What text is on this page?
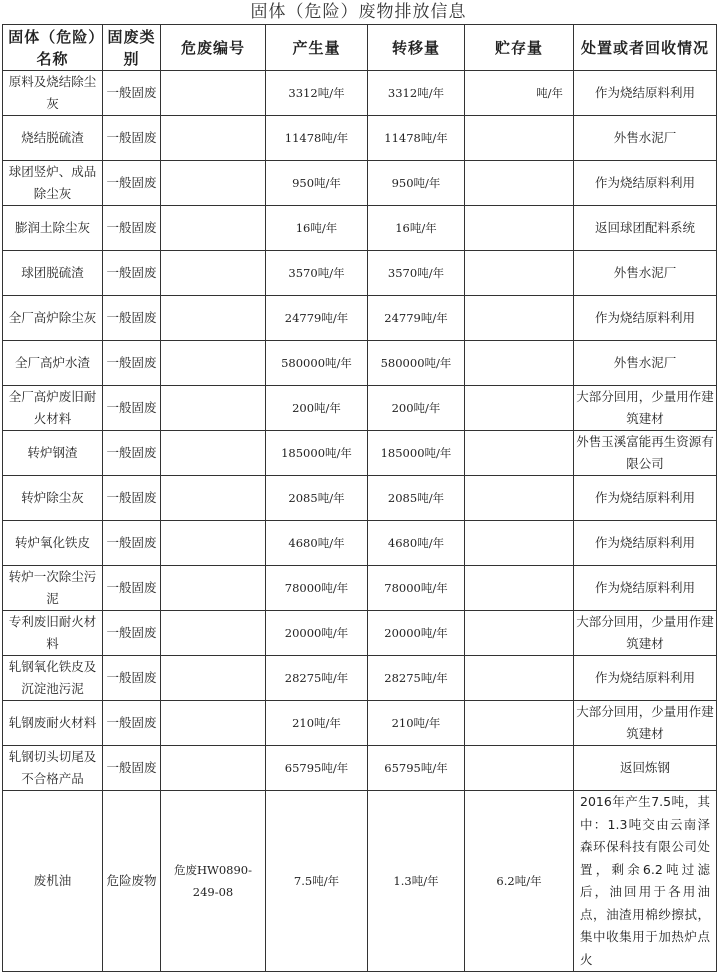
固体（危险）废物排放信息
固体（危险）名称	固废类别	危废编号	产生量	转移量	贮存量	处置或者回收情况
原料及烧结除尘灰	一般固废		3312吨/年	3312吨/年	吨/年	作为烧结原料利用
烧结脱硫渣	一般固废		11478吨/年	11478吨/年		外售水泥厂
球团竖炉、成品除尘灰	一般固废		950吨/年	950吨/年		作为烧结原料利用
膨润土除尘灰	一般固废		16吨/年	16吨/年		返回球团配料系统
球团脱硫渣	一般固废		3570吨/年	3570吨/年		外售水泥厂
全厂高炉除尘灰	一般固废		24779吨/年	24779吨/年		作为烧结原料利用
全厂高炉水渣	一般固废		580000吨/年	580000吨/年		外售水泥厂
全厂高炉废旧耐火材料	一般固废		200吨/年	200吨/年		大部分回用，少量用作建筑建材
转炉钢渣	一般固废		185000吨/年	185000吨/年		外售玉溪富能再生资源有限公司
转炉除尘灰	一般固废		2085吨/年	2085吨/年		作为烧结原料利用
转炉氧化铁皮	一般固废		4680吨/年	4680吨/年		作为烧结原料利用
转炉一次除尘污泥	一般固废		78000吨/年	78000吨/年		作为烧结原料利用
专利废旧耐火材料	一般固废		20000吨/年	20000吨/年		大部分回用，少量用作建筑建材
轧钢氧化铁皮及沉淀池污泥	一般固废		28275吨/年	28275吨/年		作为烧结原料利用
轧钢废耐火材料	一般固废		210吨/年	210吨/年		大部分回用，少量用作建筑建材
轧钢切头切尾及不合格产品	一般固废		65795吨/年	65795吨/年		返回炼钢
废机油	危险废物	危废HW0890-249-08	7.5吨/年	1.3吨/年	6.2吨/年	2016年产生7.5吨，其中：1.3吨交由云南泽森环保科技有限公司处置，剩余6.2吨过滤后，油回用于各用油点，油渣用棉纱擦拭，集中收集用于加热炉点火
